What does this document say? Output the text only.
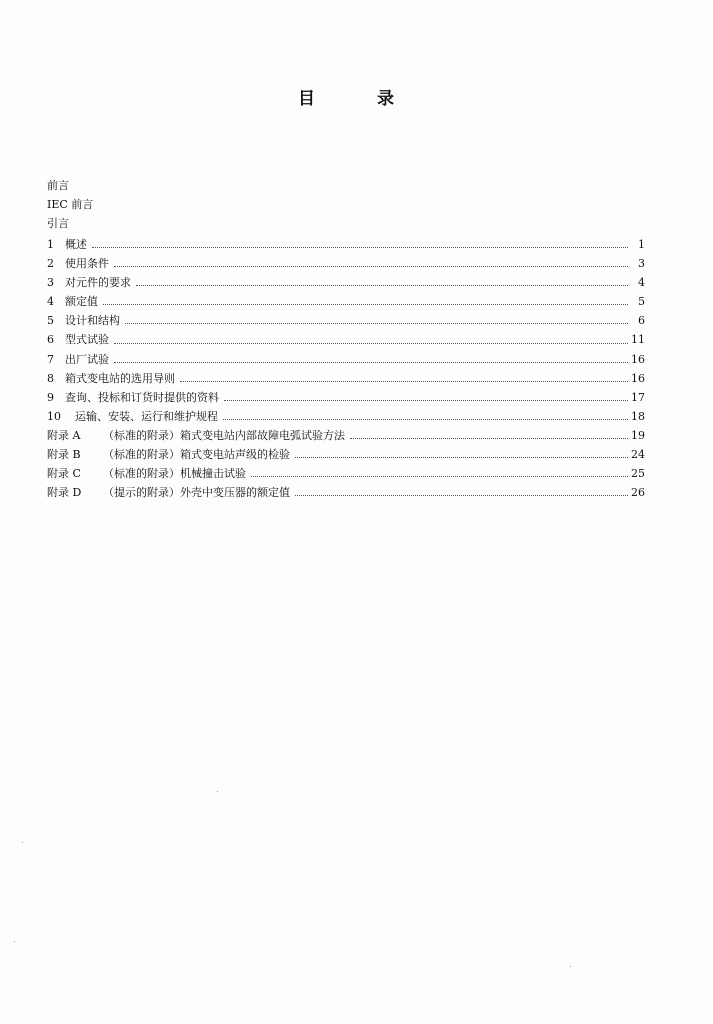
目	录
前言
IEC 前言
引言
1	概述	1
2	使用条件	3
3	对元件的要求	4
4	额定值	5
5	设计和结构	6
6	型式试验	11
7	出厂试验	16
8	箱式变电站的选用导则	16
9	查询、投标和订货时提供的资料	17
10	运输、安装、运行和维护规程	18
附录 A	（标准的附录）箱式变电站内部故障电弧试验方法	19
附录 B	（标准的附录）箱式变电站声级的检验	24
附录 C	（标准的附录）机械撞击试验	25
附录 D	（提示的附录）外壳中变压器的额定值	26
